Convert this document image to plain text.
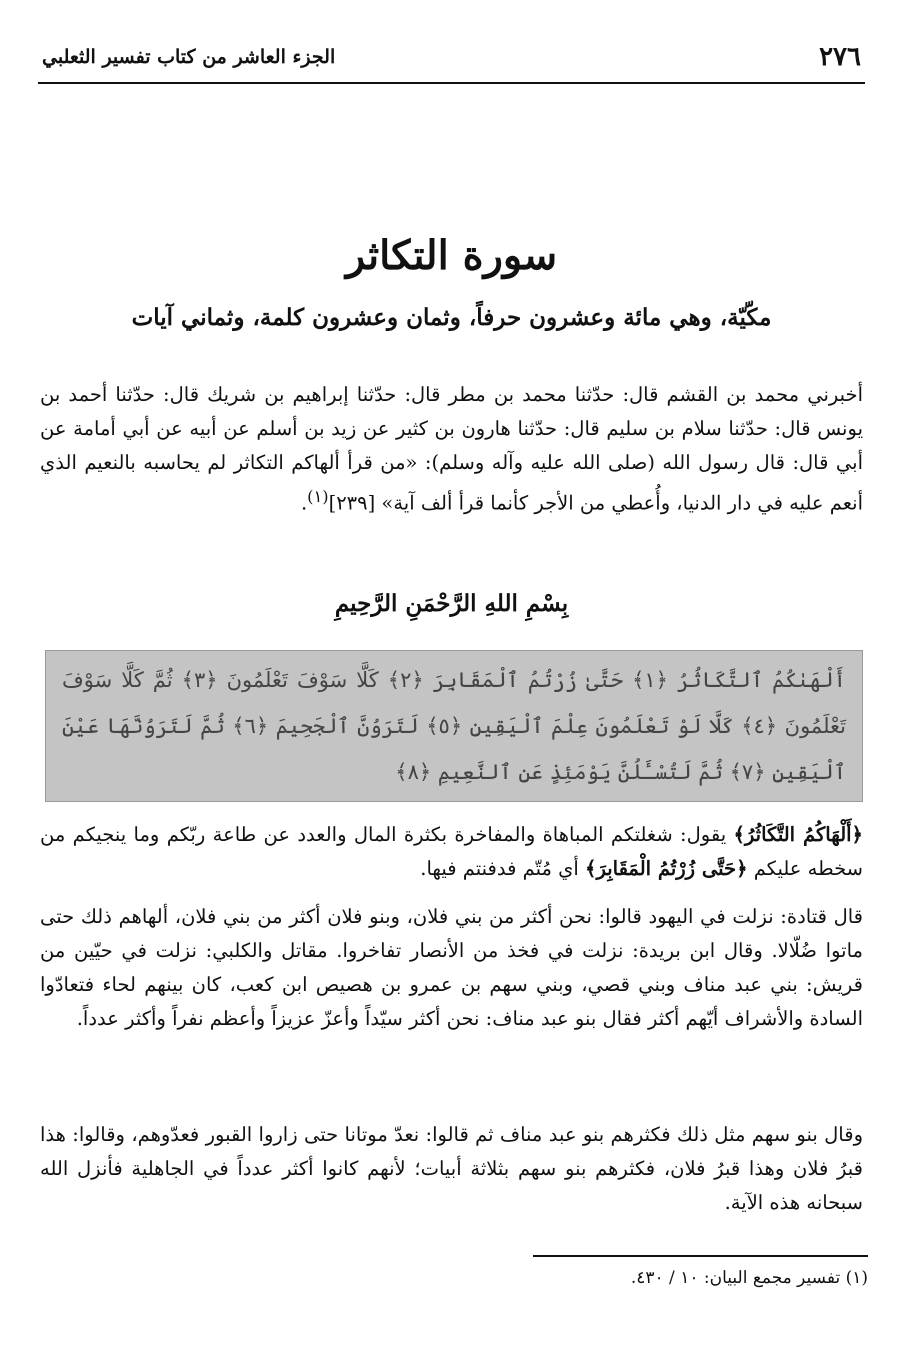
٢٧٦
الجزء العاشر من كتاب تفسير الثعلبي
سورة التكاثر
مكّيّة، وهي مائة وعشرون حرفاً، وثمان وعشرون كلمة، وثماني آيات
أخبرني محمد بن القشم قال: حدّثنا محمد بن مطر قال: حدّثنا إبراهيم بن شريك قال: حدّثنا أحمد بن يونس قال: حدّثنا سلام بن سليم قال: حدّثنا هارون بن كثير عن زيد بن أسلم عن أبيه عن أبي أمامة عن أبي قال: قال رسول الله (صلى الله عليه وآله وسلم): «من قرأ ألهاكم التكاثر لم يحاسبه بالنعيم الذي أنعم عليه في دار الدنيا، وأُعطي من الأجر كأنما قرأ ألف آية» [٢٣٩]$^{(١)}$.
بِسْمِ اللهِ الرَّحْمَنِ الرَّحِيمِ
أَلْهَىٰكُمُ ٱلتَّكَاثُرُ ﴿١﴾ حَتَّىٰ زُرْتُمُ ٱلْمَقَابِرَ ﴿٢﴾ كَلَّا سَوْفَ تَعْلَمُونَ ﴿٣﴾ ثُمَّ كَلَّا سَوْفَ تَعْلَمُونَ ﴿٤﴾ كَلَّا لَوْ تَعْلَمُونَ عِلْمَ ٱلْيَقِينِ ﴿٥﴾ لَتَرَوُنَّ ٱلْجَحِيمَ ﴿٦﴾ ثُمَّ لَتَرَوُنَّهَا عَيْنَ ٱلْيَقِينِ ﴿٧﴾ ثُمَّ لَتُسْـَٔلُنَّ يَوْمَئِذٍ عَنِ ٱلنَّعِيمِ ﴿٨﴾
﴿أَلْهَاكُمُ التَّكَاثُرُ﴾ يقول: شغلتكم المباهاة والمفاخرة بكثرة المال والعدد عن طاعة ربّكم وما ينجيكم من سخطه عليكم ﴿حَتَّى زُرْتُمُ الْمَقَابِرَ﴾ أي مُتّم فدفنتم فيها.
قال قتادة: نزلت في اليهود قالوا: نحن أكثر من بني فلان، وبنو فلان أكثر من بني فلان، ألهاهم ذلك حتى ماتوا ضُلّالا. وقال ابن بريدة: نزلت في فخذ من الأنصار تفاخروا. مقاتل والكلبي: نزلت في حيّين من قريش: بني عبد مناف وبني قصي، وبني سهم بن عمرو بن هصيص ابن كعب، كان بينهم لحاء فتعادّوا السادة والأشراف أيّهم أكثر فقال بنو عبد مناف: نحن أكثر سيّداً وأعزّ عزيزاً وأعظم نفراً وأكثر عدداً.
وقال بنو سهم مثل ذلك فكثرهم بنو عبد مناف ثم قالوا: نعدّ موتانا حتى زاروا القبور فعدّوهم، وقالوا: هذا قبرُ فلان وهذا قبرُ فلان، فكثرهم بنو سهم بثلاثة أبيات؛ لأنهم كانوا أكثر عدداً في الجاهلية فأنزل الله سبحانه هذه الآية.
(١) تفسير مجمع البيان: ١٠ / ٤٣٠.
